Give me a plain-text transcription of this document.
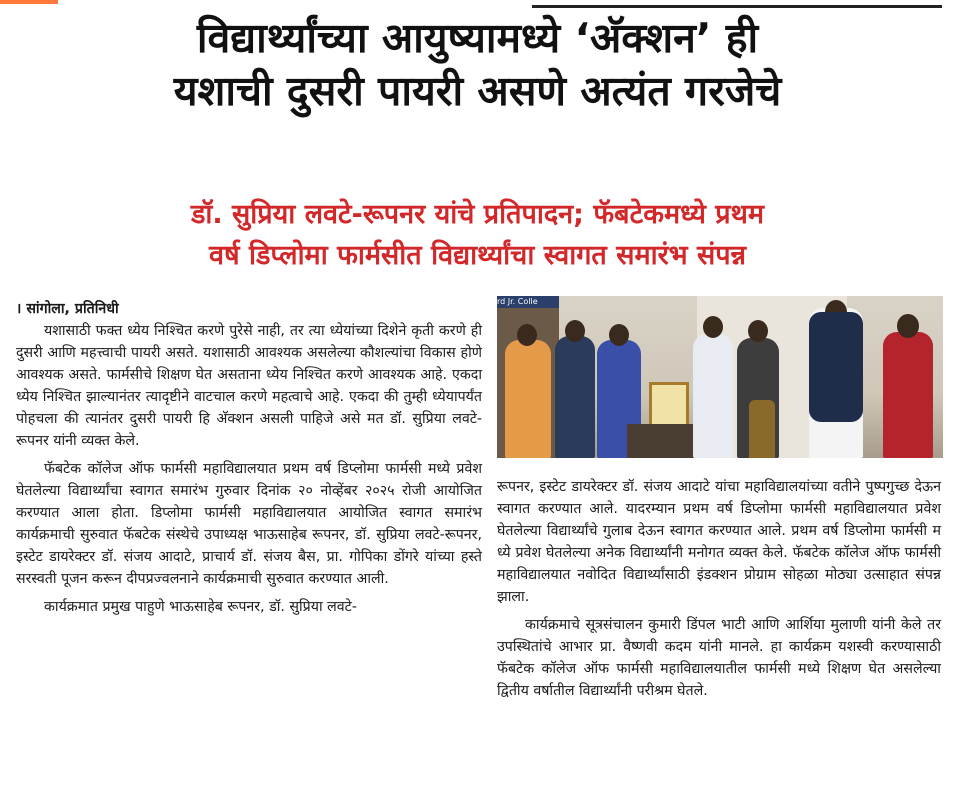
विद्यार्थ्यांच्या आयुष्यामध्ये ‘अ‍ॅक्शन’ ही
यशाची दुसरी पायरी असणे अत्यंत गरजेचे
डॉ. सुप्रिया लवटे-रूपनर यांचे प्रतिपादन; फॅबटेकमध्ये प्रथम
वर्ष डिप्लोमा फार्मसीत विद्यार्थ्यांचा स्वागत समारंभ संपन्न

। सांगोला, प्रतिनिधी

यशासाठी फक्त ध्येय निश्चित करणे पुरेसे नाही, तर त्या ध्येयांच्या दिशेने कृती करणे ही दुसरी आणि महत्त्वाची पायरी असते. यशासाठी आवश्यक असलेल्या कौशल्यांचा विकास होणे आवश्यक असते. फार्मसीचे शिक्षण घेत असताना ध्येय निश्चित करणे आवश्यक आहे. एकदा ध्येय निश्चित झाल्यानंतर त्यादृष्टीने वाटचाल करणे महत्वाचे आहे. एकदा की तुम्ही ध्येयापर्यंत पोहचला की त्यानंतर दुसरी पायरी हि अ‍ॅक्शन असली पाहिजे असे मत डॉ. सुप्रिया लवटे-रूपनर यांनी व्यक्त केले.

फॅबटेक कॉलेज ऑफ फार्मसी महाविद्यालयात प्रथम वर्ष डिप्लोमा फार्मसी मध्ये प्रवेश घेतलेल्या विद्यार्थ्यांचा स्वागत समारंभ गुरुवार दिनांक २० नोव्हेंबर २०२५ रोजी आयोजित करण्यात आला होता. डिप्लोमा फार्मसी महाविद्यालयात आयोजित स्वागत समारंभ कार्यक्रमाची सुरुवात फॅबटेक संस्थेचे उपाध्यक्ष भाऊसाहेब रूपनर, डॉ. सुप्रिया लवटे-रूपनर, इस्टेट डायरेक्टर डॉ. संजय आदाटे, प्राचार्य डॉ. संजय बैस, प्रा. गोपिका डोंगरे यांच्या हस्ते सरस्वती पूजन करून दीपप्रज्वलनाने कार्यक्रमाची सुरुवात करण्यात आली.

कार्यक्रमात प्रमुख पाहुणे भाऊसाहेब रूपनर, डॉ. सुप्रिया लवटे-

rd Jr. Colle

रूपनर, इस्टेट डायरेक्टर डॉ. संजय आदाटे यांचा महाविद्यालयांच्या वतीने पुष्पगुच्छ देऊन स्वागत करण्यात आले. यादरम्यान प्रथम वर्ष डिप्लोमा फार्मसी महाविद्यालयात प्रवेश घेतलेल्या विद्यार्थ्यांचे गुलाब देऊन स्वागत करण्यात आले. प्रथम वर्ष डिप्लोमा फार्मसी म ध्ये प्रवेश घेतलेल्या अनेक विद्यार्थ्यांनी मनोगत व्यक्त केले. फॅबटेक कॉलेज ऑफ फार्मसी महाविद्यालयात नवोदित विद्यार्थ्यांसाठी इंडक्शन प्रोग्राम सोहळा मोठ्या उत्साहात संपन्न झाला.

कार्यक्रमाचे सूत्रसंचालन कुमारी डिंपल भाटी आणि आर्शिया मुलाणी यांनी केले तर उपस्थितांचे आभार प्रा. वैष्णवी कदम यांनी मानले. हा कार्यक्रम यशस्वी करण्यासाठी फॅबटेक कॉलेज ऑफ फार्मसी महाविद्यालयातील फार्मसी मध्ये शिक्षण घेत असलेल्या द्वितीय वर्षातील विद्यार्थ्यांनी परीश्रम घेतले.
